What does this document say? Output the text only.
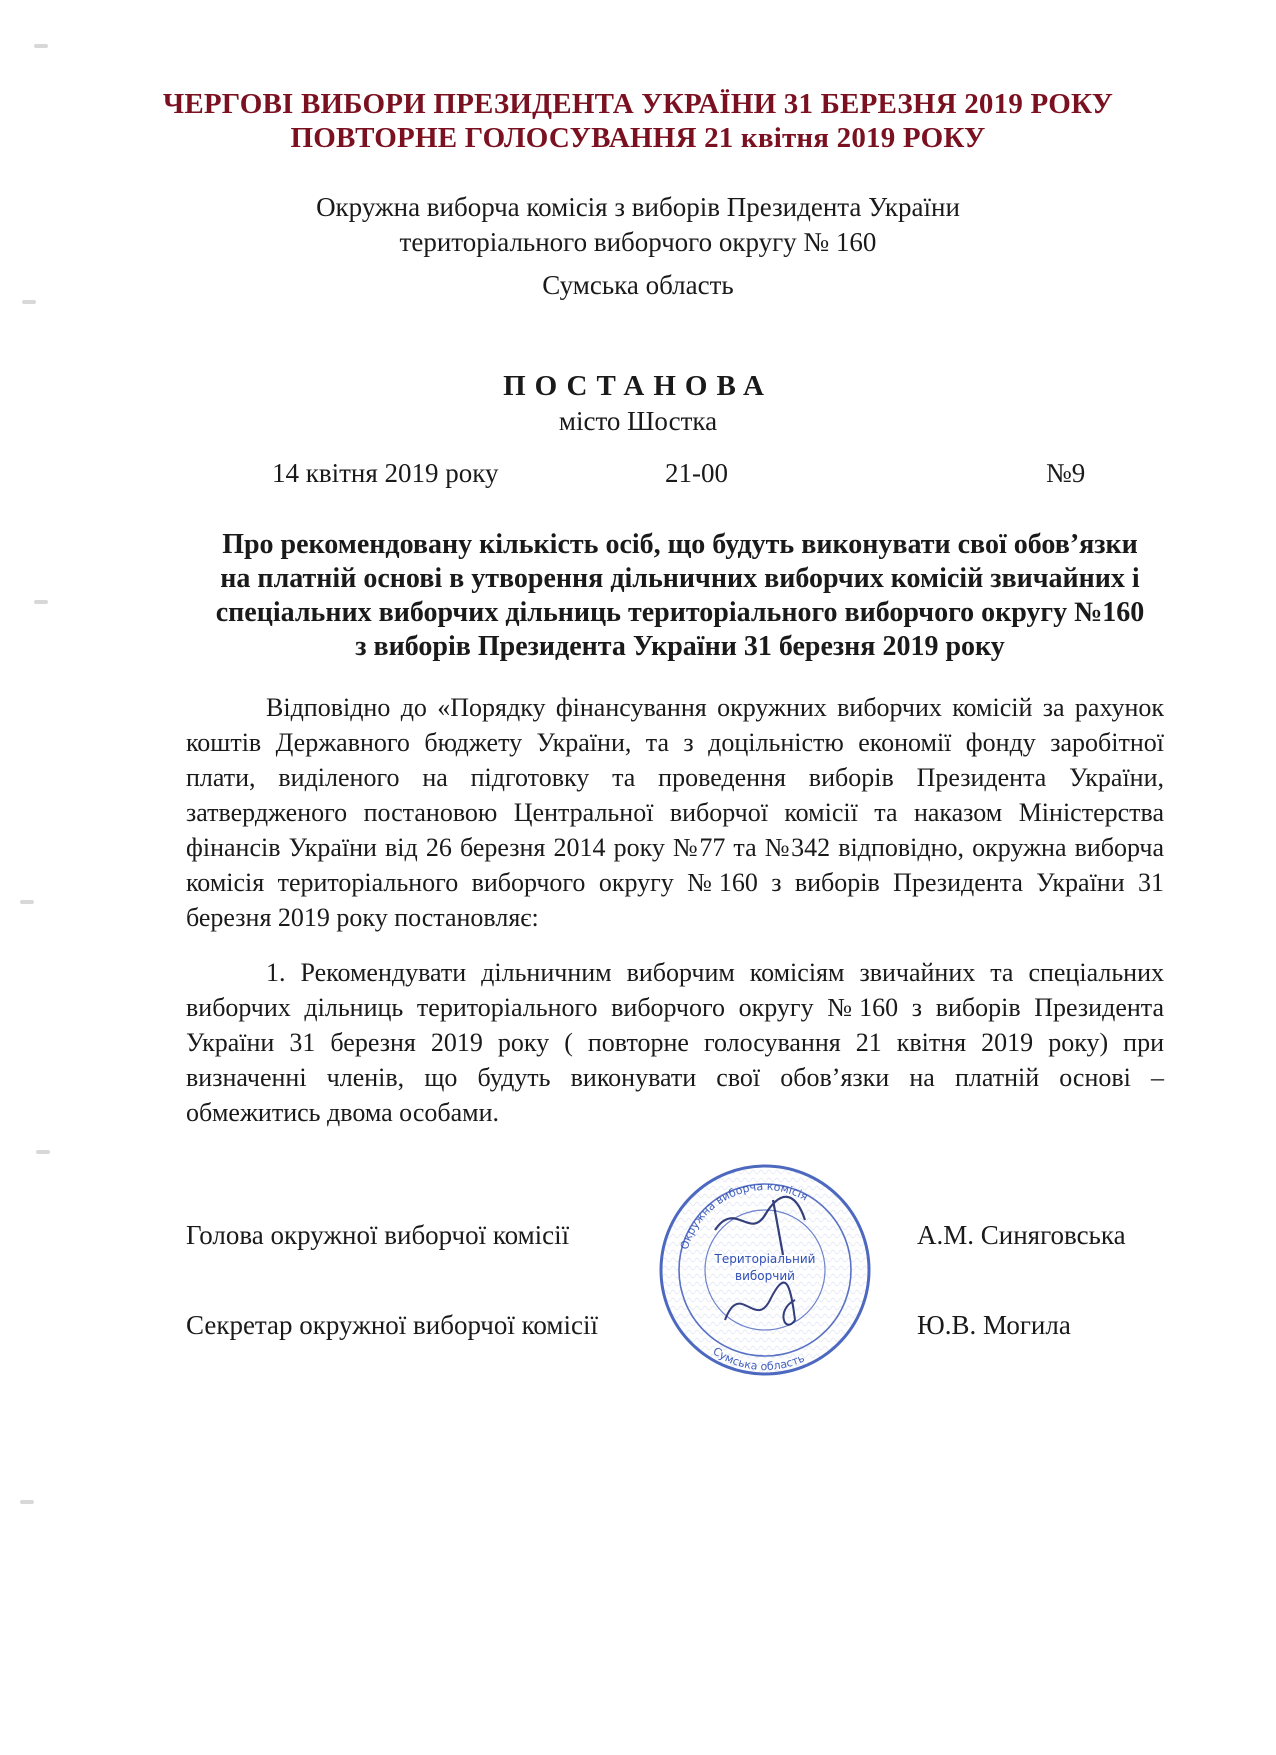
ЧЕРГОВІ ВИБОРИ ПРЕЗИДЕНТА УКРАЇНИ 31 БЕРЕЗНЯ 2019 РОКУ
ПОВТОРНЕ ГОЛОСУВАННЯ 21 квітня 2019 РОКУ
Окружна виборча комісія з виборів Президента України
територіального виборчого округу № 160
Сумська область
ПОСТАНОВА
місто Шостка
14 квітня 2019 року	21-00	№9
Про рекомендовану кількість осіб, що будуть виконувати свої обов’язки
на платній основі в утворення дільничних виборчих комісій звичайних і
спеціальних виборчих дільниць територіального виборчого округу №160
з виборів Президента України 31 березня 2019 року
Відповідно до «Порядку фінансування окружних виборчих комісій за рахунок коштів Державного бюджету України, та з доцільністю економії фонду заробітної плати, виділеного на підготовку та проведення виборів Президента України, затвердженого постановою Центральної виборчої комісії та наказом Міністерства фінансів України від 26 березня 2014 року №77 та №342 відповідно, окружна виборча комісія територіального виборчого округу №160 з виборів Президента України 31 березня 2019 року постановляє:
1. Рекомендувати дільничним виборчим комісіям звичайних та спеціальних виборчих дільниць територіального виборчого округу №160 з виборів Президента України 31 березня 2019 року ( повторне голосування 21 квітня 2019 року) при визначенні членів, що будуть виконувати свої обов’язки на платній основі – обмежитись двома особами.
Голова окружної виборчої комісії	А.М. Синяговська
Секретар окружної виборчої комісії	Ю.В. Могила
Окружна виборча комісія
Сумська область
Територіальний
виборчий
